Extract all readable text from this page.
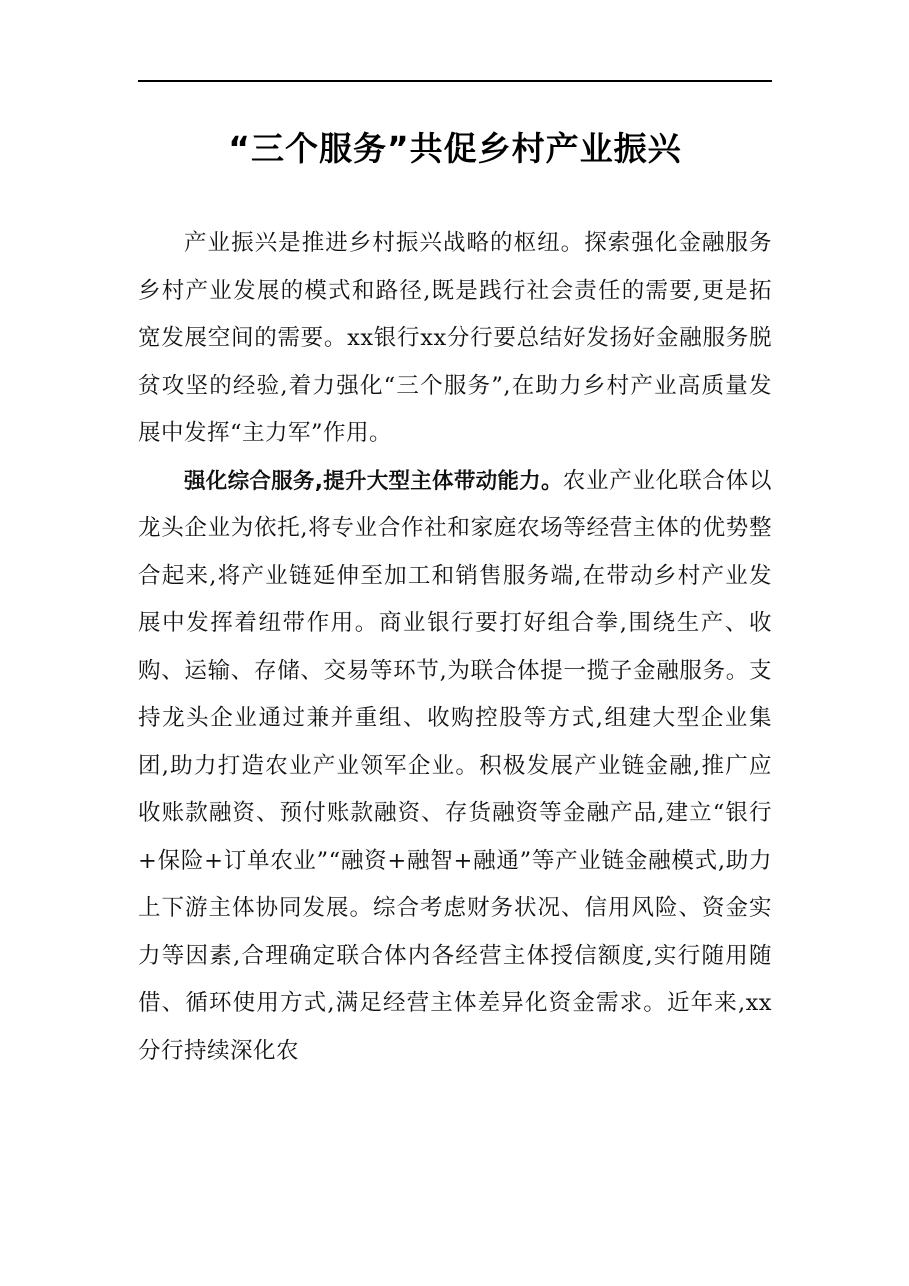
“三个服务”共促乡村产业振兴

产业振兴是推进乡村振兴战略的枢纽。探索强化金融服务乡村产业发展的模式和路径,既是践行社会责任的需要,更是拓宽发展空间的需要。xx银行xx分行要总结好发扬好金融服务脱贫攻坚的经验,着力强化“三个服务”,在助力乡村产业高质量发展中发挥“主力军”作用。

强化综合服务,提升大型主体带动能力。农业产业化联合体以龙头企业为依托,将专业合作社和家庭农场等经营主体的优势整合起来,将产业链延伸至加工和销售服务端,在带动乡村产业发展中发挥着纽带作用。商业银行要打好组合拳,围绕生产、收购、运输、存储、交易等环节,为联合体提一揽子金融服务。支持龙头企业通过兼并重组、收购控股等方式,组建大型企业集团,助力打造农业产业领军企业。积极发展产业链金融,推广应收账款融资、预付账款融资、存货融资等金融产品,建立“银行+保险+订单农业”“融资+融智+融通”等产业链金融模式,助力上下游主体协同发展。综合考虑财务状况、信用风险、资金实力等因素,合理确定联合体内各经营主体授信额度,实行随用随借、循环使用方式,满足经营主体差异化资金需求。近年来,xx分行持续深化农
